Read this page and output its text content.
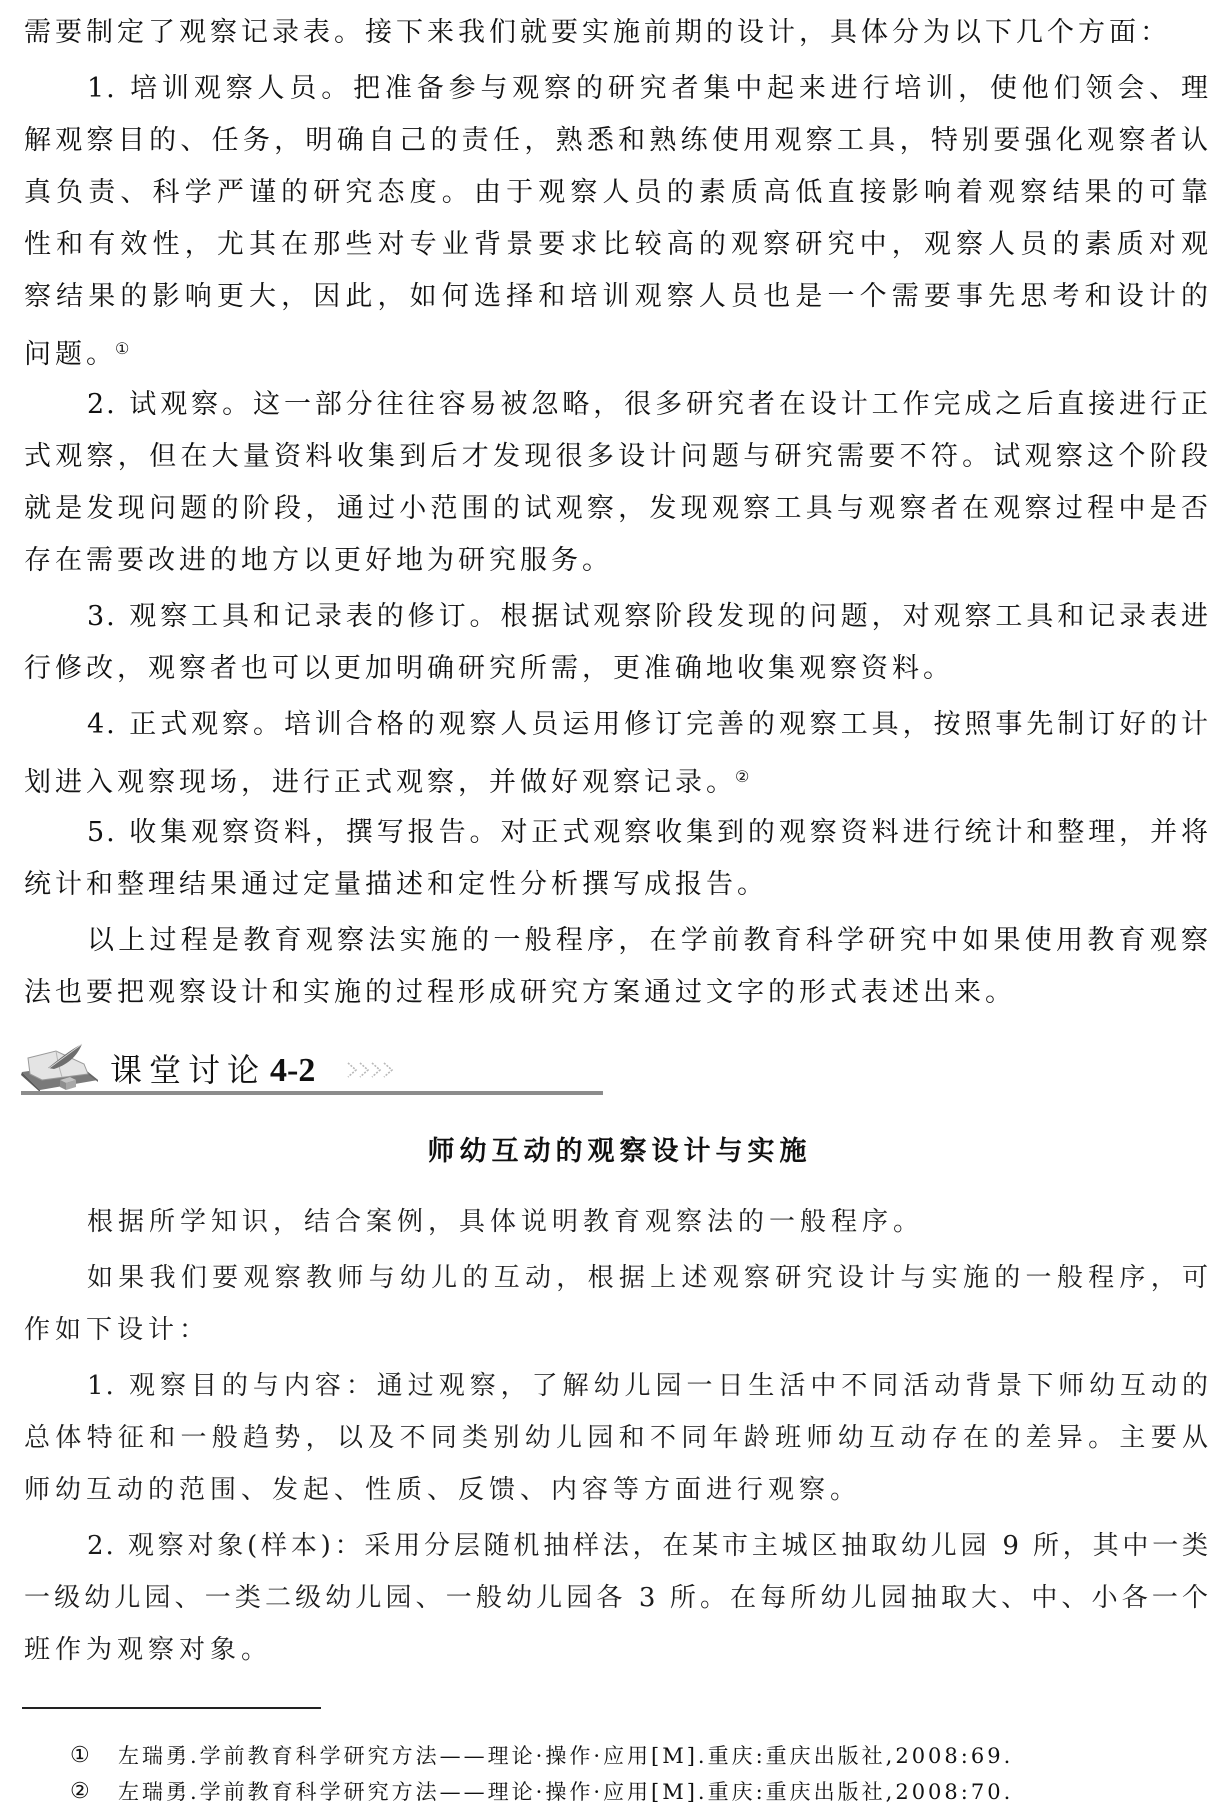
需要制定了观察记录表。接下来我们就要实施前期的设计，具体分为以下几个方面：
1. 培训观察人员。把准备参与观察的研究者集中起来进行培训，使他们领会、理
解观察目的、任务，明确自己的责任，熟悉和熟练使用观察工具，特别要强化观察者认
真负责、科学严谨的研究态度。由于观察人员的素质高低直接影响着观察结果的可靠
性和有效性，尤其在那些对专业背景要求比较高的观察研究中，观察人员的素质对观
察结果的影响更大，因此，如何选择和培训观察人员也是一个需要事先思考和设计的
问题。①
2. 试观察。这一部分往往容易被忽略，很多研究者在设计工作完成之后直接进行正
式观察，但在大量资料收集到后才发现很多设计问题与研究需要不符。试观察这个阶段
就是发现问题的阶段，通过小范围的试观察，发现观察工具与观察者在观察过程中是否
存在需要改进的地方以更好地为研究服务。
3. 观察工具和记录表的修订。根据试观察阶段发现的问题，对观察工具和记录表进
行修改，观察者也可以更加明确研究所需，更准确地收集观察资料。
4. 正式观察。培训合格的观察人员运用修订完善的观察工具，按照事先制订好的计
划进入观察现场，进行正式观察，并做好观察记录。②
5. 收集观察资料，撰写报告。对正式观察收集到的观察资料进行统计和整理，并将
统计和整理结果通过定量描述和定性分析撰写成报告。
以上过程是教育观察法实施的一般程序，在学前教育科学研究中如果使用教育观察
法也要把观察设计和实施的过程形成研究方案通过文字的形式表述出来。
课堂讨论 4-2
师幼互动的观察设计与实施
根据所学知识，结合案例，具体说明教育观察法的一般程序。
如果我们要观察教师与幼儿的互动，根据上述观察研究设计与实施的一般程序，可
作如下设计：
1. 观察目的与内容：通过观察，了解幼儿园一日生活中不同活动背景下师幼互动的
总体特征和一般趋势，以及不同类别幼儿园和不同年龄班师幼互动存在的差异。主要从
师幼互动的范围、发起、性质、反馈、内容等方面进行观察。
2. 观察对象(样本)：采用分层随机抽样法，在某市主城区抽取幼儿园 9 所，其中一类
一级幼儿园、一类二级幼儿园、一般幼儿园各 3 所。在每所幼儿园抽取大、中、小各一个
班作为观察对象。
① 左瑞勇.学前教育科学研究方法——理论·操作·应用[M].重庆:重庆出版社,2008:69.
② 左瑞勇.学前教育科学研究方法——理论·操作·应用[M].重庆:重庆出版社,2008:70.
